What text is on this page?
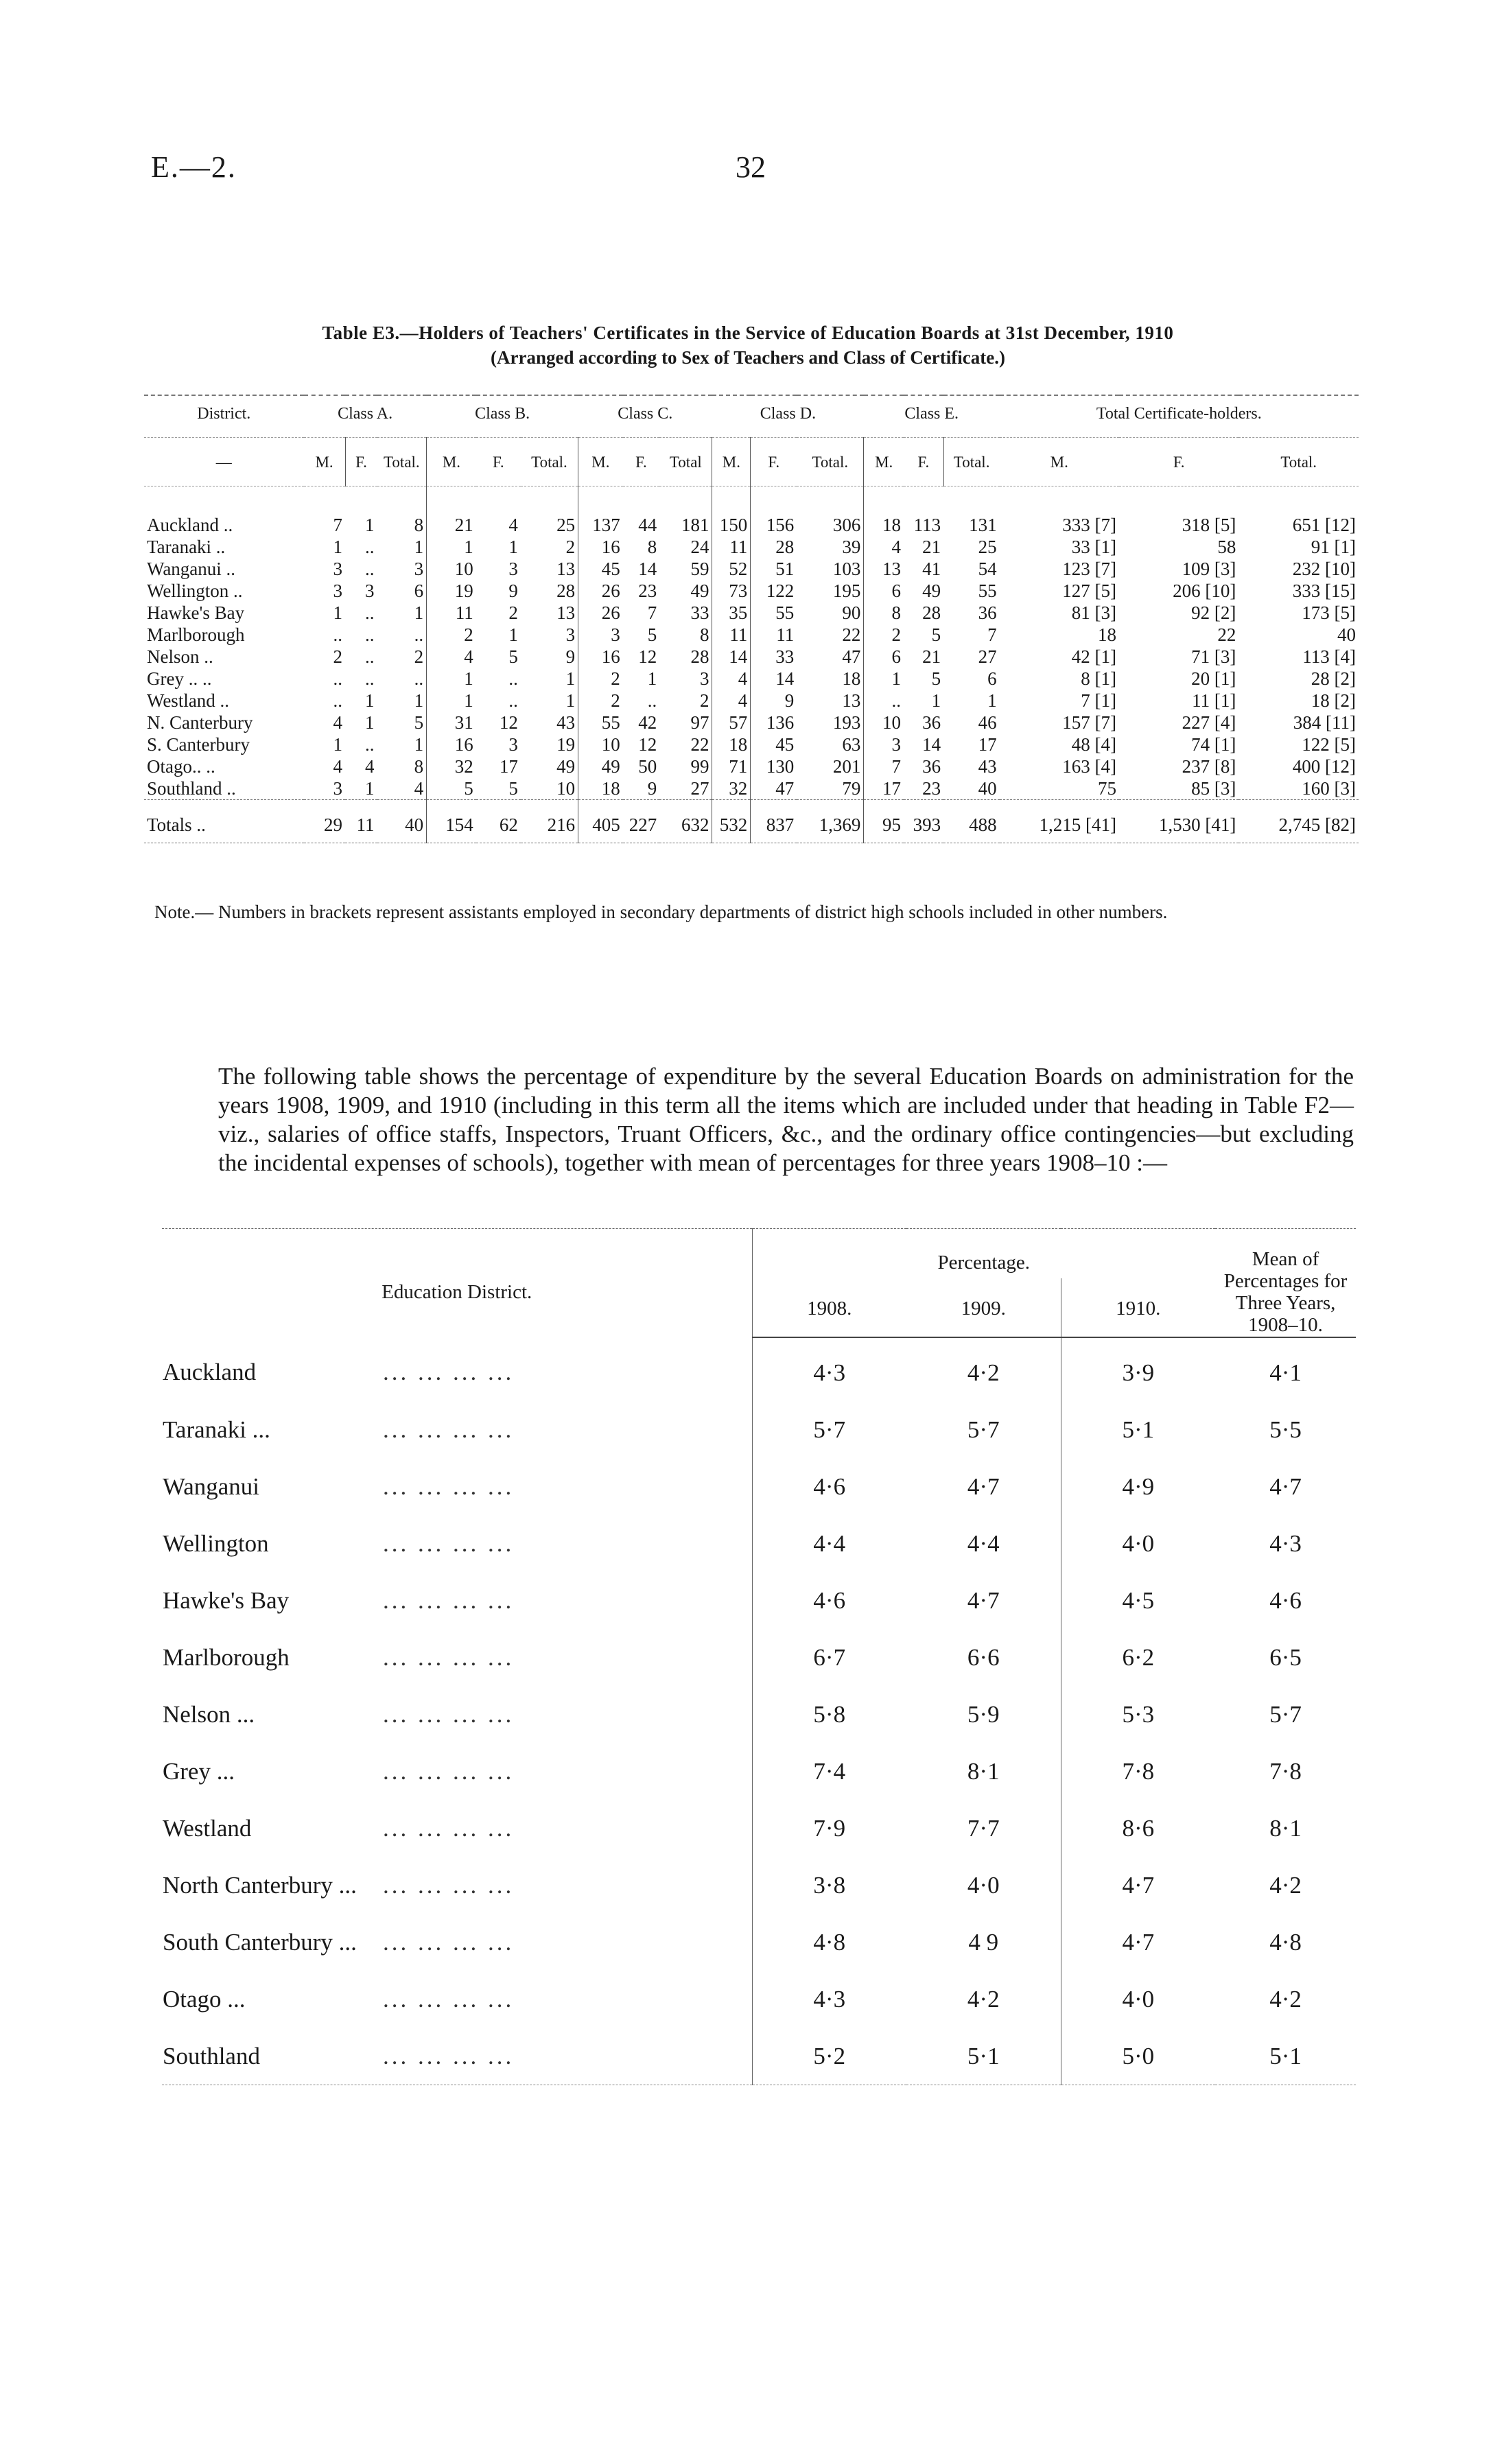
E.—2.	32
Table E3.—Holders of Teachers' Certificates in the Service of Education Boards at 31st December, 1910
(Arranged according to Sex of Teachers and Class of Certificate.)
District.	Class A.			Class B.			Class C.			Class D.			Class E.			Total Certificate-holders.		
—	M.	F.	Total.	M.	F.	Total.	M.	F.	Total	M.	F.	Total.	M.	F.	Total.	M.	F.	Total.
Auckland ..	7	1	8	21	4	25	137	44	181	150	156	306	18	113	131	333 [7]	318 [5]	651 [12]
Taranaki ..	1	..	1	1	1	2	16	8	24	11	28	39	4	21	25	33 [1]	58	91 [1]
Wanganui ..	3	..	3	10	3	13	45	14	59	52	51	103	13	41	54	123 [7]	109 [3]	232 [10]
Wellington ..	3	3	6	19	9	28	26	23	49	73	122	195	6	49	55	127 [5]	206 [10]	333 [15]
Hawke's Bay	1	..	1	11	2	13	26	7	33	35	55	90	8	28	36	81 [3]	92 [2]	173 [5]
Marlborough	..	..	..	2	1	3	3	5	8	11	11	22	2	5	7	18	22	40
Nelson ..	2	..	2	4	5	9	16	12	28	14	33	47	6	21	27	42 [1]	71 [3]	113 [4]
Grey .. ..	..	..	..	1	..	1	2	1	3	4	14	18	1	5	6	8 [1]	20 [1]	28 [2]
Westland ..	..	1	1	1	..	1	2	..	2	4	9	13	..	1	1	7 [1]	11 [1]	18 [2]
N. Canterbury	4	1	5	31	12	43	55	42	97	57	136	193	10	36	46	157 [7]	227 [4]	384 [11]
S. Canterbury	1	..	1	16	3	19	10	12	22	18	45	63	3	14	17	48 [4]	74 [1]	122 [5]
Otago.. ..	4	4	8	32	17	49	49	50	99	71	130	201	7	36	43	163 [4]	237 [8]	400 [12]
Southland ..	3	1	4	5	5	10	18	9	27	32	47	79	17	23	40	75	85 [3]	160 [3]
Totals ..	29	11	40	154	62	216	405	227	632	532	837	1,369	95	393	488	1,215 [41]	1,530 [41]	2,745 [82]
Note.— Numbers in brackets represent assistants employed in secondary departments of district high schools included in other numbers.
The following table shows the percentage of expenditure by the several Education Boards on administration for the years 1908, 1909, and 1910 (including in this term all the items which are included under that heading in Table F2—viz., salaries of office staffs, Inspectors, Truant Officers, &c., and the ordinary office contingencies—but excluding the incidental expenses of schools), together with mean of percentages for three years 1908–10 :—
Education District.	Percentage.			Mean of Percentages for Three Years, 1908–10.
	1908.	1909.	1910.	
Auckland ... ... ... ...	4·3	4·2	3·9	4·1
Taranaki ... ... ... ... ...	5·7	5·7	5·1	5·5
Wanganui ... ... ... ...	4·6	4·7	4·9	4·7
Wellington ... ... ... ...	4·4	4·4	4·0	4·3
Hawke's Bay ... ... ... ...	4·6	4·7	4·5	4·6
Marlborough ... ... ... ...	6·7	6·6	6·2	6·5
Nelson ... ... ... ... ...	5·8	5·9	5·3	5·7
Grey ... ... ... ... ...	7·4	8·1	7·8	7·8
Westland ... ... ... ...	7·9	7·7	8·6	8·1
North Canterbury ... ... ... ... ...	3·8	4·0	4·7	4·2
South Canterbury ... ... ... ... ...	4·8	4 9	4·7	4·8
Otago ... ... ... ... ...	4·3	4·2	4·0	4·2
Southland ... ... ... ...	5·2	5·1	5·0	5·1
